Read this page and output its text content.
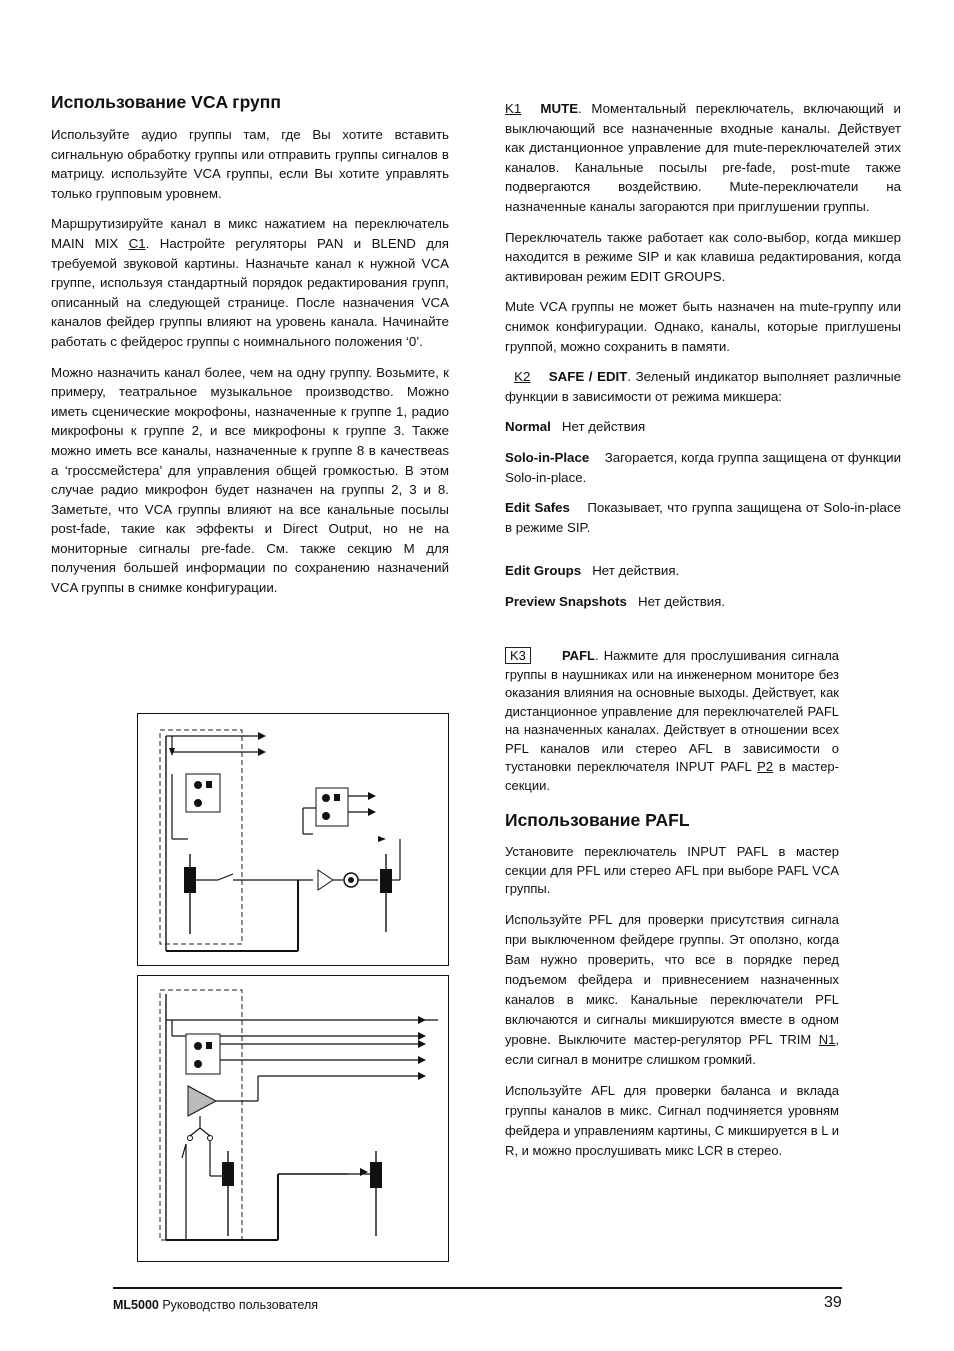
Использование VCA групп

Используйте аудио группы там, где Вы хотите вставить сигнальную обработку группы или отправить группы сигналов в матрицу. используйте VCA группы, если Вы хотите управлять только групповым уровнем.

Маршрутизируйте канал в микс нажатием на переключатель MAIN MIX C1. Настройте регуляторы PAN и BLEND для требуемой звуковой картины. Назначьте канал к нужной VCA группе, используя стандартный порядок редактирования групп, описанный на следующей странице. После назначения VCA каналов фейдер группы влияют на уровень канала. Начинайте работать с фейдерос группы с ноимнального положения ‘0’.

Можно назначить канал более, чем на одну группу. Возьмите, к примеру, театральное музыкальное производство. Можно иметь сценические мокрофоны, назначенные к группе 1, радио микрофоны к группе 2, и все микрофоны к группе 3. Также можно иметь все каналы, назначенные к группе 8 в качествеas а ‘гроссмейстера’ для управления общей громкостью. В этом случае радио микрофон будет назначен на группы 2, 3 и 8. Заметьте, что VCA группы влияют на все канальные посылы post-fade, такие как эффекты и Direct Output, но не на мониторные сигналы pre-fade. См. также секцию M для получения большей информации по сохранению назначений VCA группы в снимке конфигурации.

K1 MUTE. Моментальный переключатель, включающий и выключающий все назначенные входные каналы. Действует как дистанционное управление для mute-переключателей этих каналов. Канальные посылы pre-fade, post-mute также подвергаются воздействию. Mute-переключатели на назначенные каналы загораются при приглушении группы.

Переключатель также работает как соло-выбор, когда микшер находится в режиме SIP и как клавиша редактирования, когда активирован режим EDIT GROUPS.

Mute VCA группы не может быть назначен на mute-группу или снимок конфигурации. Однако, каналы, которые приглушены группой, можно сохранить в памяти.

K2 SAFE / EDIT. Зеленый индикатор выполняет различные функции в зависимости от режима микшера:

Normal Нет действия

Solo-in-Place Загорается, когда группа защищена от функции Solo-in-place.

Edit Safes Показывает, что группа защищена от Solo-in-place в режиме SIP.

Edit Groups Нет действия.

Preview Snapshots Нет действия.

K3	PAFL. Нажмите для прослушивания сигнала группы в наушниках или на инженерном мониторе без оказания влияния на основные выходы. Действует, как дистанционное управление для переключателей PAFL на назначенных каналах. Действует в отношении всех PFL каналов или стерео AFL в зависимости о тустановки переключателя INPUT PAFL P2 в мастер-секции.

Использование PAFL

Установите переключатель INPUT PAFL в мастер секции для PFL или стерео AFL при выборе PAFL VCA группы.

Используйте PFL для проверки присутствия сигнала при выключенном фейдере группы. Эт оползно, когда Вам нужно проверить, что все в порядке перед подъемом фейдера и привнесением назначенных каналов в микс. Канальные переключатели PFL включаются и сигналы микшируются вместе в одном уровне. Выключите мастер-регулятор PFL TRIM N1, если сигнал в монитре слишком громкий.

Используйте AFL для проверки баланса и вклада группы каналов в микс. Сигнал подчиняется уровням фейдера и управлениям картины, С микшируется в L и R, и можно прослушивать микс LCR в стерео.

ML5000 Руководство пользователя	39
